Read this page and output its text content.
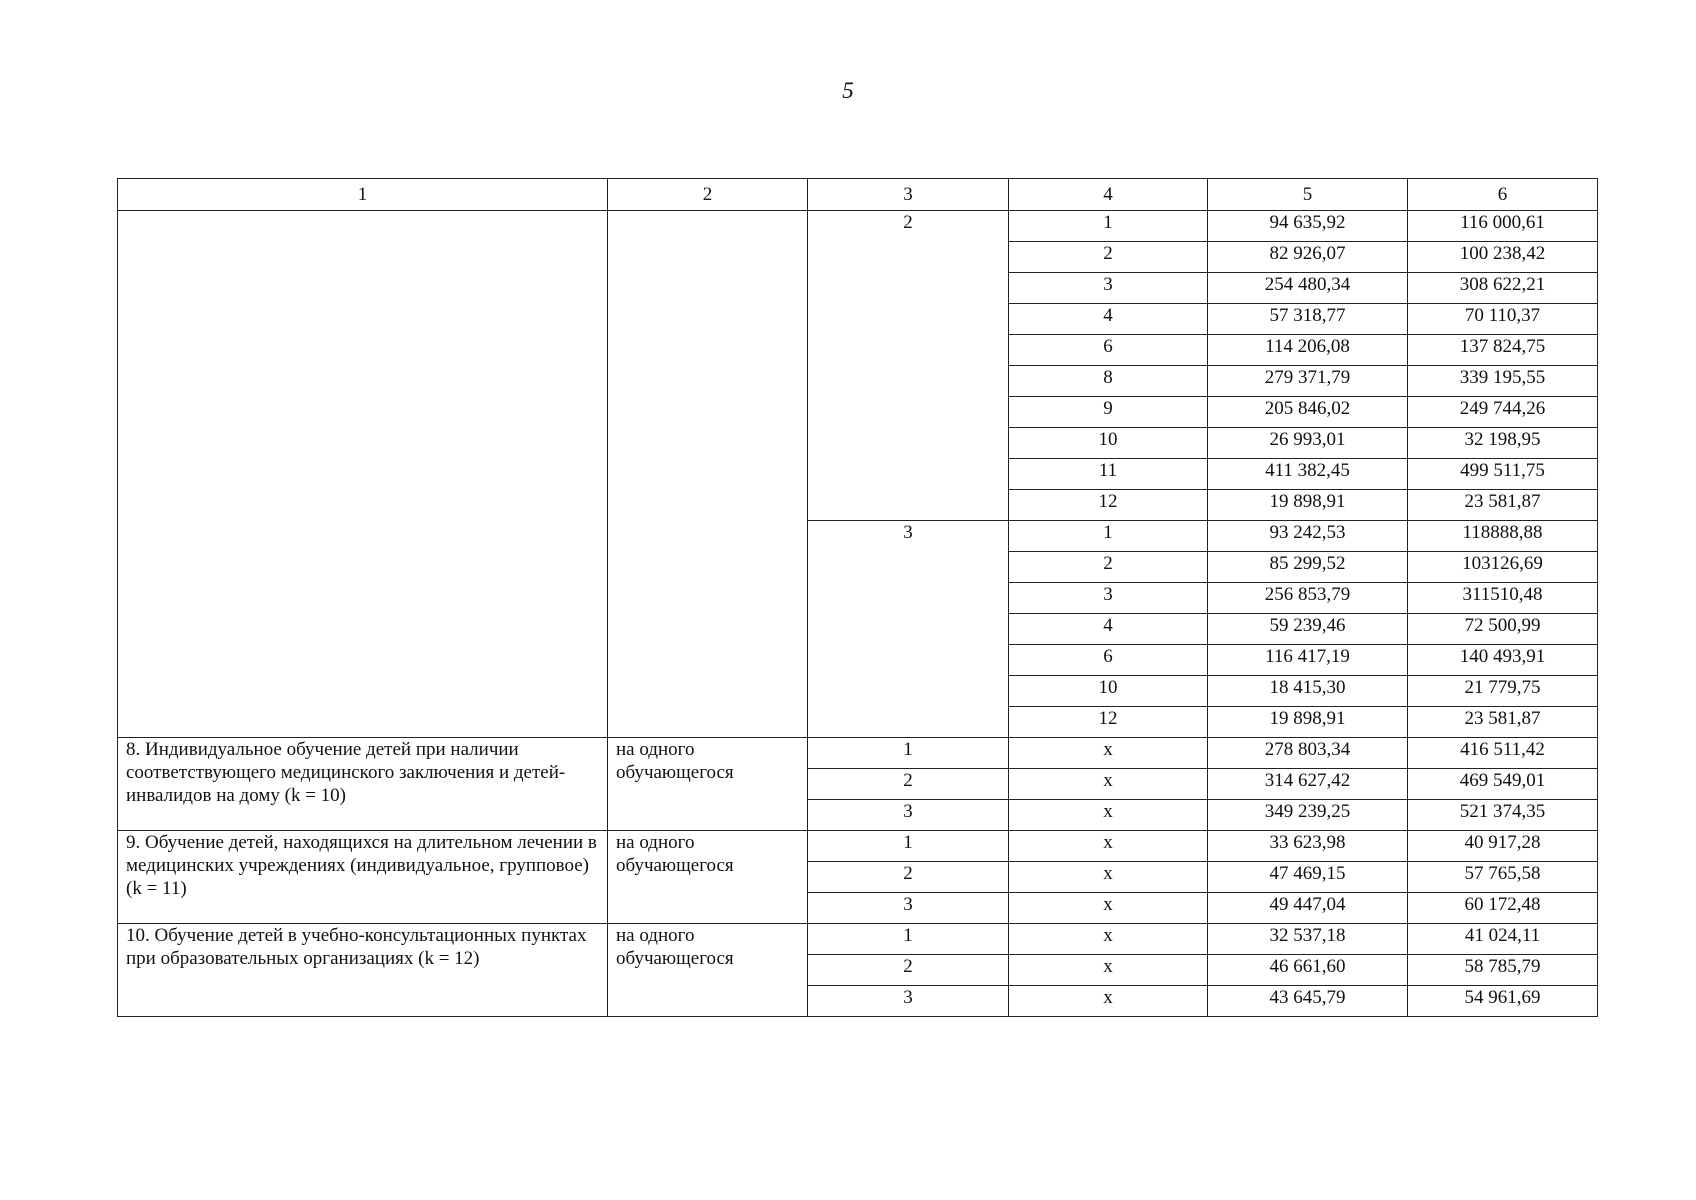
5
1	2	3	4	5	6
		2	1	94 635,92	116 000,61
			2	82 926,07	100 238,42
			3	254 480,34	308 622,21
			4	57 318,77	70 110,37
			6	114 206,08	137 824,75
			8	279 371,79	339 195,55
			9	205 846,02	249 744,26
			10	26 993,01	32 198,95
			11	411 382,45	499 511,75
			12	19 898,91	23 581,87
		3	1	93 242,53	118888,88
			2	85 299,52	103126,69
			3	256 853,79	311510,48
			4	59 239,46	72 500,99
			6	116 417,19	140 493,91
			10	18 415,30	21 779,75
			12	19 898,91	23 581,87
8. Индивидуальное обучение детей при наличии соответствующего медицинского заключения и детей-инвалидов на дому (k = 10)	на одного обучающегося	1	х	278 803,34	416 511,42
		2	х	314 627,42	469 549,01
		3	х	349 239,25	521 374,35
9. Обучение детей, находящихся на длительном лечении в медицинских учреждениях (индивидуальное, групповое) (k = 11)	на одного обучающегося	1	х	33 623,98	40 917,28
		2	х	47 469,15	57 765,58
		3	х	49 447,04	60 172,48
10. Обучение детей в учебно-консультационных пунктах при образовательных организациях (k = 12)	на одного обучающегося	1	х	32 537,18	41 024,11
		2	х	46 661,60	58 785,79
		3	х	43 645,79	54 961,69
